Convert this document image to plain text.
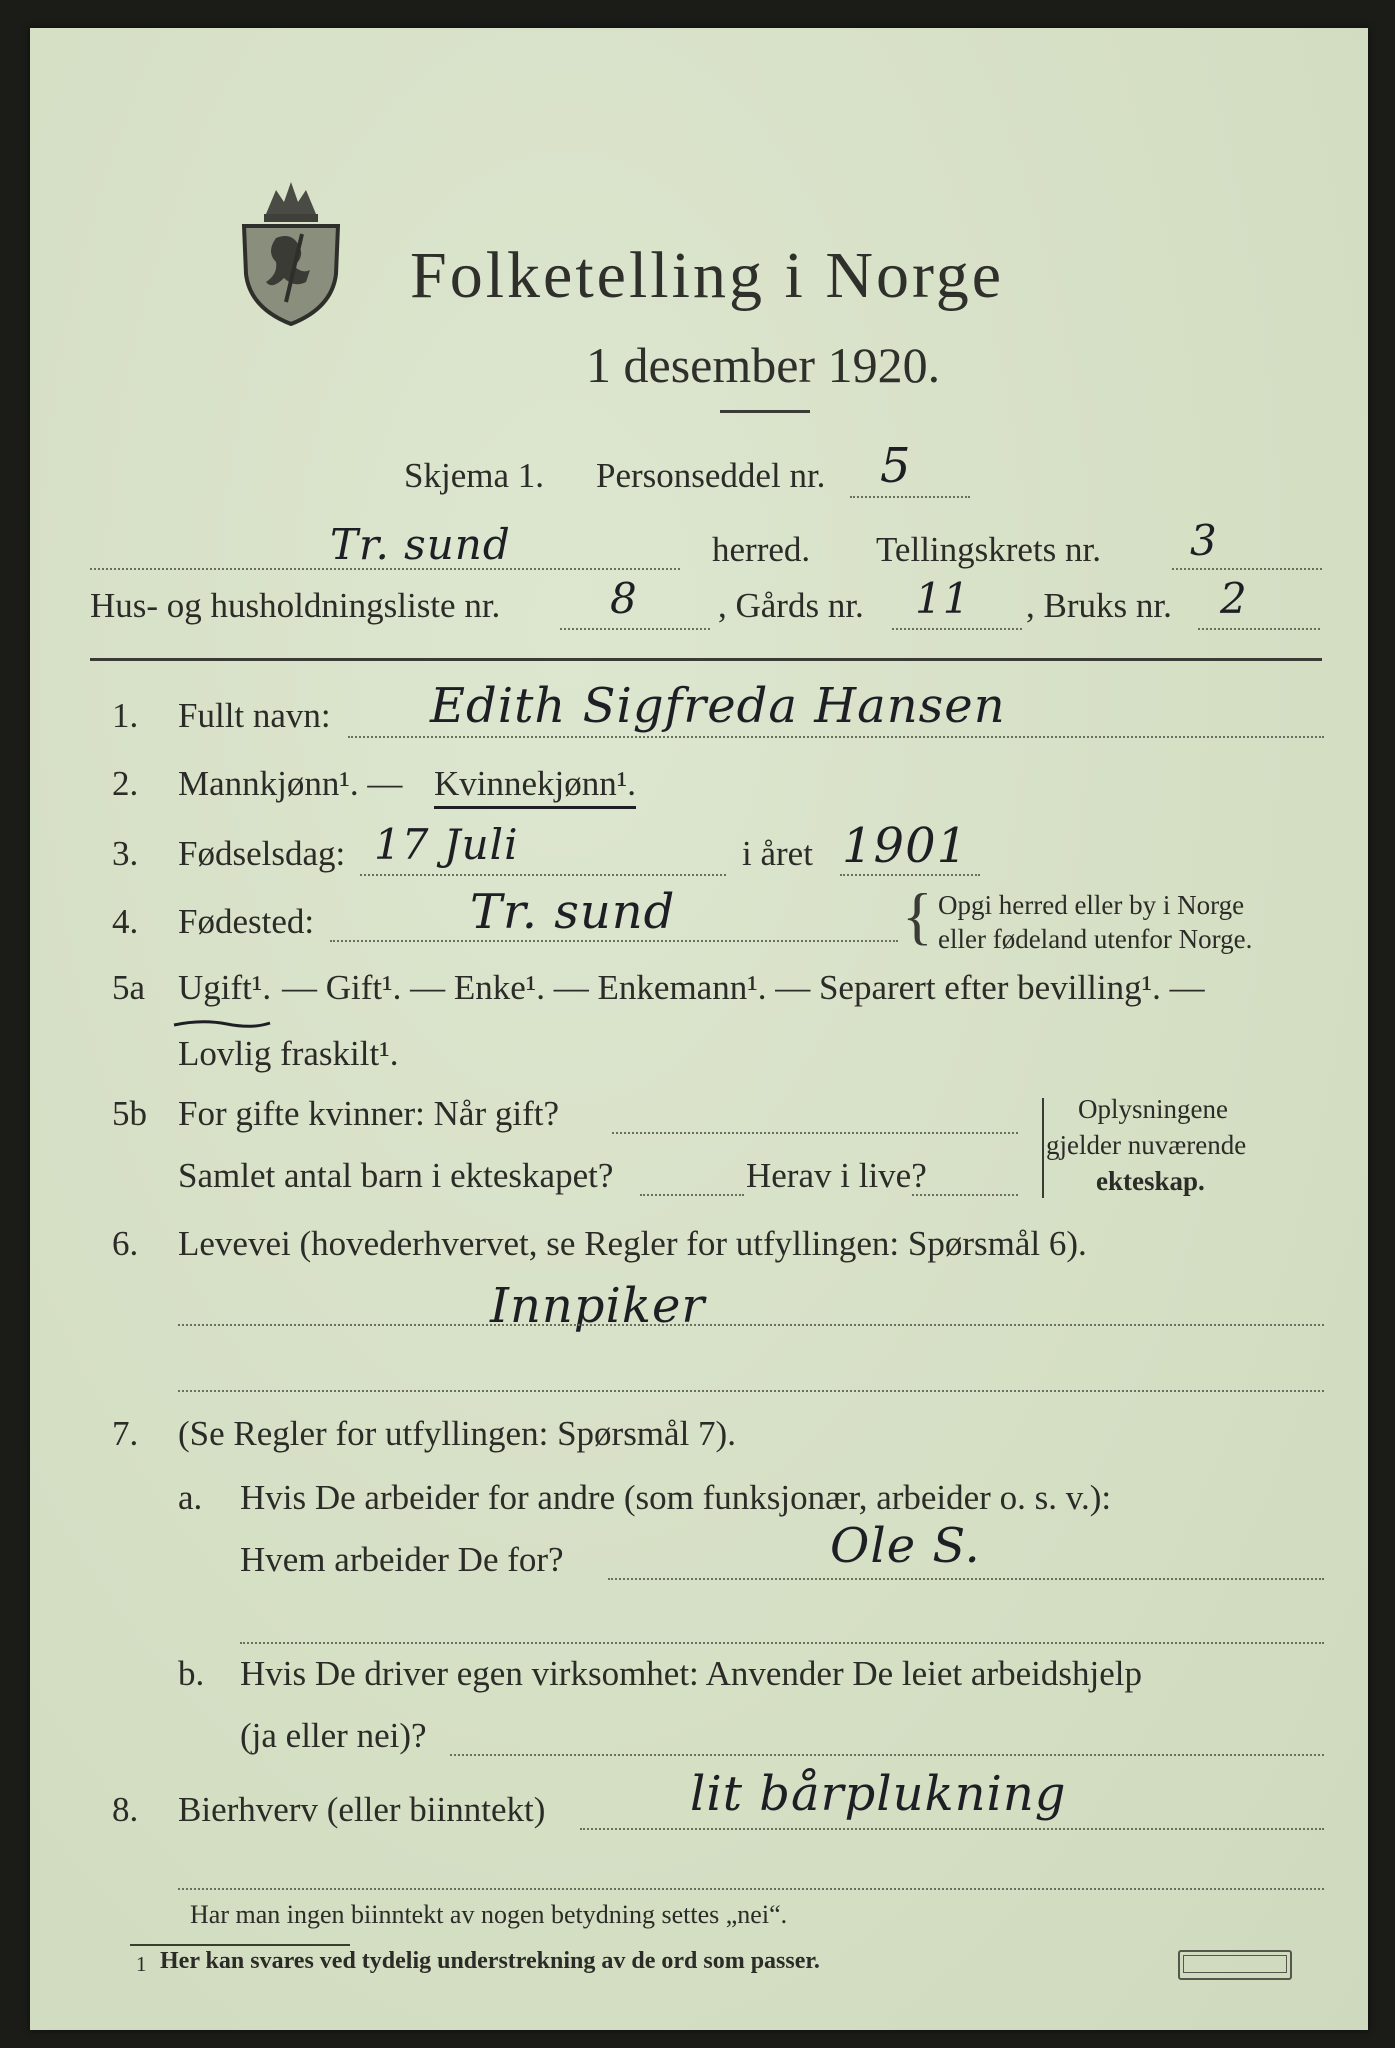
Folketelling i Norge
1 desember 1920.
Skjema 1. Personseddel nr. 5
Tr. sund	herred. Tellingskrets nr. 3
Hus- og husholdningsliste nr.	8 , Gårds nr. 11 , Bruks nr. 2
1. Fullt navn: Edith Sigfreda Hansen
2. Mannkjønn¹. — Kvinnekjønn¹.
3. Fødselsdag: 17 Juli	i året 1901
4. Fødested:	Tr. sund	{ Opgi herred eller by i Norge
eller fødeland utenfor Norge.
5a Ugift¹. — Gift¹. — Enke¹. — Enkemann¹. — Separert efter bevilling¹. —
Lovlig fraskilt¹.
5b For gifte kvinner: Når gift?
Samlet antal barn i ekteskapet?	Herav i live?
Oplysningene
gjelder nuværende
ekteskap.
6. Levevei (hovederhvervet, se Regler for utfyllingen: Spørsmål 6).
Innpiker
7. (Se Regler for utfyllingen: Spørsmål 7).
a. Hvis De arbeider for andre (som funksjonær, arbeider o. s. v.):
Hvem arbeider De for?	Ole S.
b. Hvis De driver egen virksomhet: Anvender De leiet arbeidshjelp
(ja eller nei)?
8. Bierhverv (eller biinntekt)	lit bårplukning
Har man ingen biinntekt av nogen betydning settes „nei“.
1 Her kan svares ved tydelig understrekning av de ord som passer.
